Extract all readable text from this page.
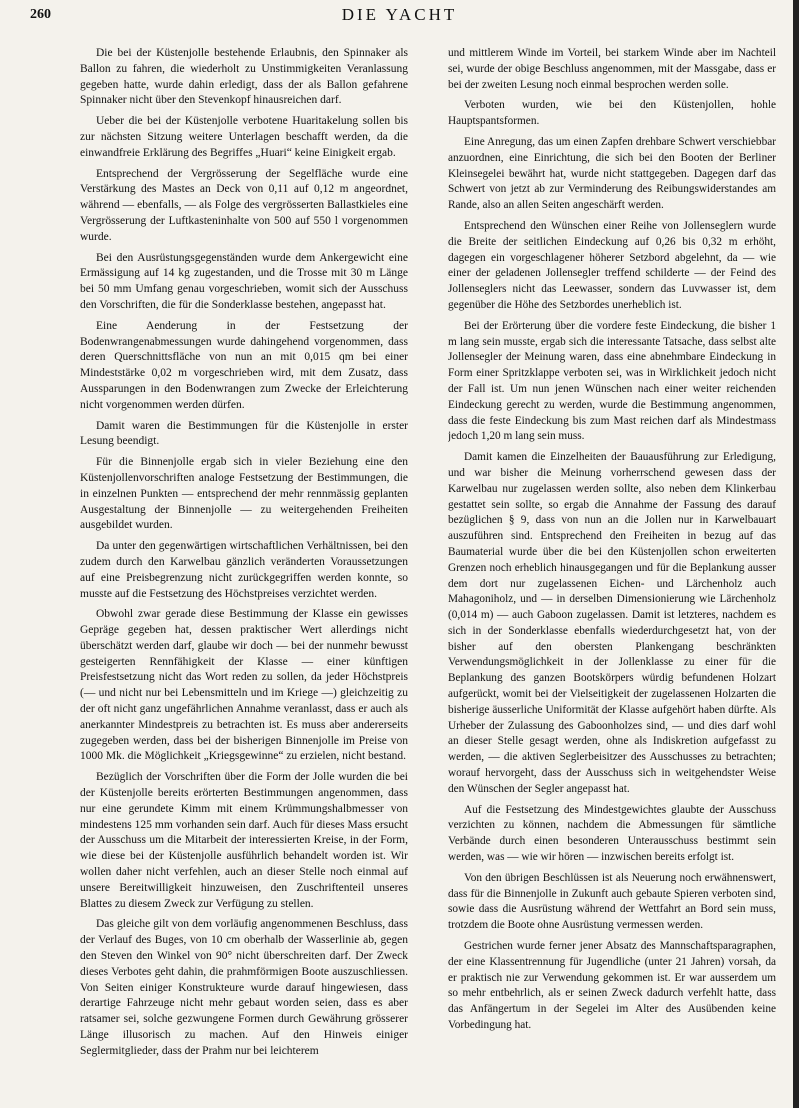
260	DIE YACHT

Die bei der Küstenjolle bestehende Erlaubnis, den Spinnaker als Ballon zu fahren, die wiederholt zu Unstimmigkeiten Veranlassung gegeben hatte, wurde dahin erledigt, dass der als Ballon gefahrene Spinnaker nicht über den Stevenkopf hinausreichen darf.

Ueber die bei der Küstenjolle verbotene Huaritakelung sollen bis zur nächsten Sitzung weitere Unterlagen beschafft werden, da die einwandfreie Erklärung des Begriffes „Huari“ keine Einigkeit ergab.

Entsprechend der Vergrösserung der Segelfläche wurde eine Verstärkung des Mastes an Deck von 0,11 auf 0,12 m angeordnet, während — ebenfalls, — als Folge des vergrösserten Ballastkieles eine Vergrösserung der Luftkasteninhalte von 500 auf 550 l vorgenommen wurde.

Bei den Ausrüstungsgegenständen wurde dem Ankergewicht eine Ermässigung auf 14 kg zugestanden, und die Trosse mit 30 m Länge bei 50 mm Umfang genau vorgeschrieben, womit sich der Ausschuss den Vorschriften, die für die Sonderklasse bestehen, angepasst hat.

Eine Aenderung in der Festsetzung der Bodenwrangenabmessungen wurde dahingehend vorgenommen, dass deren Querschnittsfläche von nun an mit 0,015 qm bei einer Mindeststärke 0,02 m vorgeschrieben wird, mit dem Zusatz, dass Aussparungen in den Bodenwrangen zum Zwecke der Erleichterung nicht vorgenommen werden dürfen.

Damit waren die Bestimmungen für die Küstenjolle in erster Lesung beendigt.

Für die Binnenjolle ergab sich in vieler Beziehung eine den Küstenjollenvorschriften analoge Festsetzung der Bestimmungen, die in einzelnen Punkten — entsprechend der mehr rennmässig geplanten Ausgestaltung der Binnenjolle — zu weitergehenden Freiheiten ausgebildet wurden.

Da unter den gegenwärtigen wirtschaftlichen Verhältnissen, bei den zudem durch den Karwelbau gänzlich veränderten Voraussetzungen auf eine Preisbegrenzung nicht zurückgegriffen werden konnte, so musste auf die Festsetzung des Höchstpreises verzichtet werden.

Obwohl zwar gerade diese Bestimmung der Klasse ein gewisses Gepräge gegeben hat, dessen praktischer Wert allerdings nicht überschätzt werden darf, glaube wir doch — bei der nunmehr bewusst gesteigerten Rennfähigkeit der Klasse — einer künftigen Preisfestsetzung nicht das Wort reden zu sollen, da jeder Höchstpreis (— und nicht nur bei Lebensmitteln und im Kriege —) gleichzeitig zu der oft nicht ganz ungefährlichen Annahme veranlasst, dass er auch als anerkannter Mindestpreis zu betrachten ist. Es muss aber andererseits zugegeben werden, dass bei der bisherigen Binnenjolle im Preise von 1000 Mk. die Möglichkeit „Kriegsgewinne“ zu erzielen, nicht bestand.

Bezüglich der Vorschriften über die Form der Jolle wurden die bei der Küstenjolle bereits erörterten Bestimmungen angenommen, dass nur eine gerundete Kimm mit einem Krümmungshalbmesser von mindestens 125 mm vorhanden sein darf. Auch für dieses Mass ersucht der Ausschuss um die Mitarbeit der interessierten Kreise, in der Form, wie diese bei der Küstenjolle ausführlich behandelt worden ist. Wir wollen daher nicht verfehlen, auch an dieser Stelle noch einmal auf unsere Bereitwilligkeit hinzuweisen, den Zuschriftenteil unseres Blattes zu diesem Zweck zur Verfügung zu stellen.

Das gleiche gilt von dem vorläufig angenommenen Beschluss, dass der Verlauf des Buges, von 10 cm oberhalb der Wasserlinie ab, gegen den Steven den Winkel von 90° nicht überschreiten darf. Der Zweck dieses Verbotes geht dahin, die prahmförmigen Boote auszuschliessen. Von Seiten einiger Konstrukteure wurde darauf hingewiesen, dass derartige Fahrzeuge nicht mehr gebaut worden seien, dass es aber ratsamer sei, solche gezwungene Formen durch Gewährung grösserer Länge illusorisch zu machen. Auf den Hinweis einiger Seglermitglieder, dass der Prahm nur bei leichterem

und mittlerem Winde im Vorteil, bei starkem Winde aber im Nachteil sei, wurde der obige Beschluss angenommen, mit der Massgabe, dass er bei der zweiten Lesung noch einmal besprochen werden solle.

Verboten wurden, wie bei den Küstenjollen, hohle Hauptspantsformen.

Eine Anregung, das um einen Zapfen drehbare Schwert verschiebbar anzuordnen, eine Einrichtung, die sich bei den Booten der Berliner Kleinsegelei bewährt hat, wurde nicht stattgegeben. Dagegen darf das Schwert von jetzt ab zur Verminderung des Reibungswiderstandes am Rande, also an allen Seiten angeschärft werden.

Entsprechend den Wünschen einer Reihe von Jollenseglern wurde die Breite der seitlichen Eindeckung auf 0,26 bis 0,32 m erhöht, dagegen ein vorgeschlagener höherer Setzbord abgelehnt, da — wie einer der geladenen Jollensegler treffend schilderte — der Feind des Jollenseglers nicht das Leewasser, sondern das Luvwasser ist, dem gegenüber die Höhe des Setzbordes unerheblich ist.

Bei der Erörterung über die vordere feste Eindeckung, die bisher 1 m lang sein musste, ergab sich die interessante Tatsache, dass selbst alte Jollensegler der Meinung waren, dass eine abnehmbare Eindeckung in Form einer Spritzklappe verboten sei, was in Wirklichkeit jedoch nicht der Fall ist. Um nun jenen Wünschen nach einer weiter reichenden Eindeckung gerecht zu werden, wurde die Bestimmung angenommen, dass die feste Eindeckung bis zum Mast reichen darf als Mindestmass jedoch 1,20 m lang sein muss.

Damit kamen die Einzelheiten der Bauausführung zur Erledigung, und war bisher die Meinung vorherrschend gewesen dass der Karwelbau nur zugelassen werden sollte, also neben dem Klinkerbau gestattet sein sollte, so ergab die Annahme der Fassung des darauf bezüglichen § 9, dass von nun an die Jollen nur in Karwelbauart auszuführen sind. Entsprechend den Freiheiten in bezug auf das Baumaterial wurde über die bei den Küstenjollen schon erweiterten Grenzen noch erheblich hinausgegangen und für die Beplankung ausser dem dort nur zugelassenen Eichen- und Lärchenholz auch Mahagoniholz, und — in derselben Dimensionierung wie Lärchenholz (0,014 m) — auch Gaboon zugelassen. Damit ist letzteres, nachdem es sich in der Sonderklasse ebenfalls wiederdurchgesetzt hat, von der bisher auf den obersten Plankengang beschränkten Verwendungsmöglichkeit in der Jollenklasse zu einer für die Beplankung des ganzen Bootskörpers würdig befundenen Holzart aufgerückt, womit bei der Vielseitigkeit der zugelassenen Holzarten die bisherige äusserliche Uniformität der Klasse aufgehört haben dürfte. Als Urheber der Zulassung des Gaboonholzes sind, — und dies darf wohl an dieser Stelle gesagt werden, ohne als Indiskretion aufgefasst zu werden, — die aktiven Seglerbeisitzer des Ausschusses zu betrachten; worauf hervorgeht, dass der Ausschuss sich in weitgehendster Weise den Wünschen der Segler angepasst hat.

Auf die Festsetzung des Mindestgewichtes glaubte der Ausschuss verzichten zu können, nachdem die Abmessungen für sämtliche Verbände durch einen besonderen Unterausschuss bestimmt sein werden, was — wie wir hören — inzwischen bereits erfolgt ist.

Von den übrigen Beschlüssen ist als Neuerung noch erwähnenswert, dass für die Binnenjolle in Zukunft auch gebaute Spieren verboten sind, sowie dass die Ausrüstung während der Wettfahrt an Bord sein muss, trotzdem die Boote ohne Ausrüstung vermessen werden.

Gestrichen wurde ferner jener Absatz des Mannschaftsparagraphen, der eine Klassentrennung für Jugendliche (unter 21 Jahren) vorsah, da er praktisch nie zur Verwendung gekommen ist. Er war ausserdem um so mehr entbehrlich, als er seinen Zweck dadurch verfehlt hatte, dass das Anfängertum in der Segelei im Alter des Ausübenden keine Vorbedingung hat.
